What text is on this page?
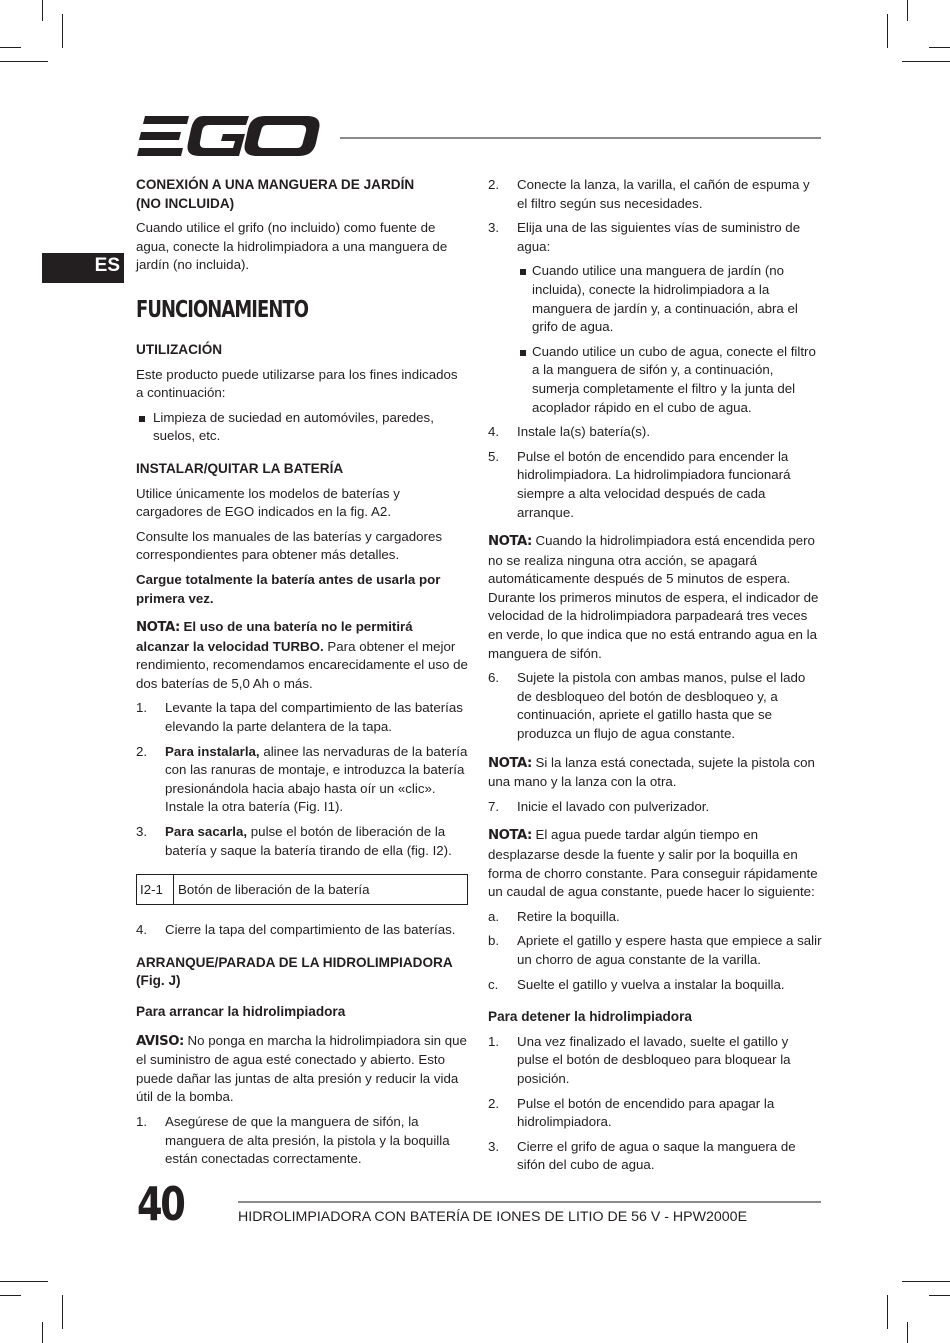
ES
CONEXIÓN A UNA MANGUERA DE JARDÍN
(NO INCLUIDA)

Cuando utilice el grifo (no incluido) como fuente de agua, conecte la hidrolimpiadora a una manguera de jardín (no incluida).

FUNCIONAMIENTO
UTILIZACIÓN

Este producto puede utilizarse para los fines indicados a continuación:

Limpieza de suciedad en automóviles, paredes, suelos, etc.
INSTALAR/QUITAR LA BATERÍA

Utilice únicamente los modelos de baterías y cargadores de EGO indicados en la fig. A2.

Consulte los manuales de las baterías y cargadores correspondientes para obtener más detalles.

Cargue totalmente la batería antes de usarla por primera vez.

NOTA: El uso de una batería no le permitirá alcanzar la velocidad TURBO. Para obtener el mejor rendimiento, recomendamos encarecidamente el uso de dos baterías de 5,0 Ah o más.

1. Levante la tapa del compartimiento de las baterías elevando la parte delantera de la tapa.
2. Para instalarla, alinee las nervaduras de la batería con las ranuras de montaje, e introduzca la batería presionándola hacia abajo hasta oír un «clic». Instale la otra batería (Fig. I1).
3. Para sacarla, pulse el botón de liberación de la batería y saque la batería tirando de ella (fig. I2).
I2-1	Botón de liberación de la batería
4. Cierre la tapa del compartimiento de las baterías.
ARRANQUE/PARADA DE LA HIDROLIMPIADORA
(Fig. J)
Para arrancar la hidrolimpiadora

AVISO: No ponga en marcha la hidrolimpiadora sin que el suministro de agua esté conectado y abierto. Esto puede dañar las juntas de alta presión y reducir la vida útil de la bomba.

1. Asegúrese de que la manguera de sifón, la manguera de alta presión, la pistola y la boquilla están conectadas correctamente.
2. Conecte la lanza, la varilla, el cañón de espuma y el filtro según sus necesidades.
3. Elija una de las siguientes vías de suministro de agua:
Cuando utilice una manguera de jardín (no incluida), conecte la hidrolimpiadora a la manguera de jardín y, a continuación, abra el grifo de agua.
Cuando utilice un cubo de agua, conecte el filtro a la manguera de sifón y, a continuación, sumerja completamente el filtro y la junta del acoplador rápido en el cubo de agua.
4. Instale la(s) batería(s).
5. Pulse el botón de encendido para encender la hidrolimpiadora. La hidrolimpiadora funcionará siempre a alta velocidad después de cada arranque.

NOTA: Cuando la hidrolimpiadora está encendida pero no se realiza ninguna otra acción, se apagará automáticamente después de 5 minutos de espera. Durante los primeros minutos de espera, el indicador de velocidad de la hidrolimpiadora parpadeará tres veces en verde, lo que indica que no está entrando agua en la manguera de sifón.

6. Sujete la pistola con ambas manos, pulse el lado de desbloqueo del botón de desbloqueo y, a continuación, apriete el gatillo hasta que se produzca un flujo de agua constante.

NOTA: Si la lanza está conectada, sujete la pistola con una mano y la lanza con la otra.

7. Inicie el lavado con pulverizador.

NOTA: El agua puede tardar algún tiempo en desplazarse desde la fuente y salir por la boquilla en forma de chorro constante. Para conseguir rápidamente un caudal de agua constante, puede hacer lo siguiente:

a. Retire la boquilla.
b. Apriete el gatillo y espere hasta que empiece a salir un chorro de agua constante de la varilla.
c. Suelte el gatillo y vuelva a instalar la boquilla.
Para detener la hidrolimpiadora
1. Una vez finalizado el lavado, suelte el gatillo y pulse el botón de desbloqueo para bloquear la posición.
2. Pulse el botón de encendido para apagar la hidrolimpiadora.
3. Cierre el grifo de agua o saque la manguera de sifón del cubo de agua.
40	HIDROLIMPIADORA CON BATERÍA DE IONES DE LITIO DE 56 V - HPW2000E
